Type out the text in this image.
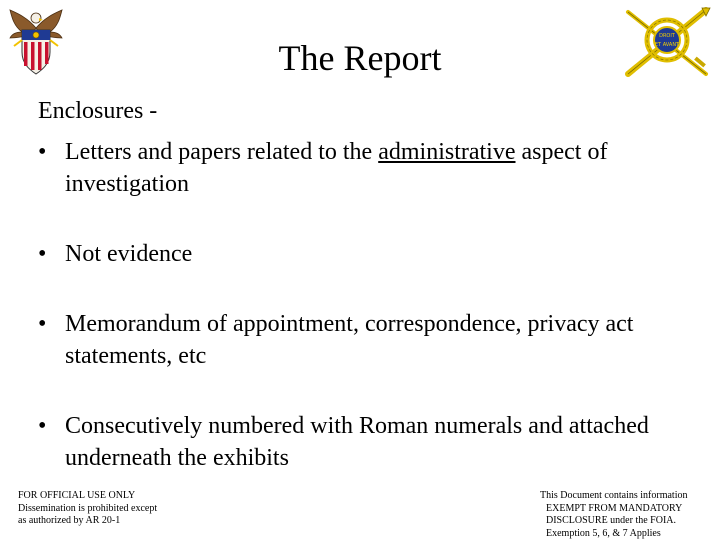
DROIT
ET AVANT
The Report
Enclosures -
• Letters and papers related to the administrative aspect of investigation
• Not evidence
• Memorandum of appointment, correspondence, privacy act statements, etc
• Consecutively numbered with Roman numerals and attached underneath the exhibits
FOR OFFICIAL USE ONLY
Dissemination is prohibited except
as authorized by AR 20-1
This Document contains information
EXEMPT FROM MANDATORY
DISCLOSURE under the FOIA.
Exemption 5, 6, & 7 Applies
